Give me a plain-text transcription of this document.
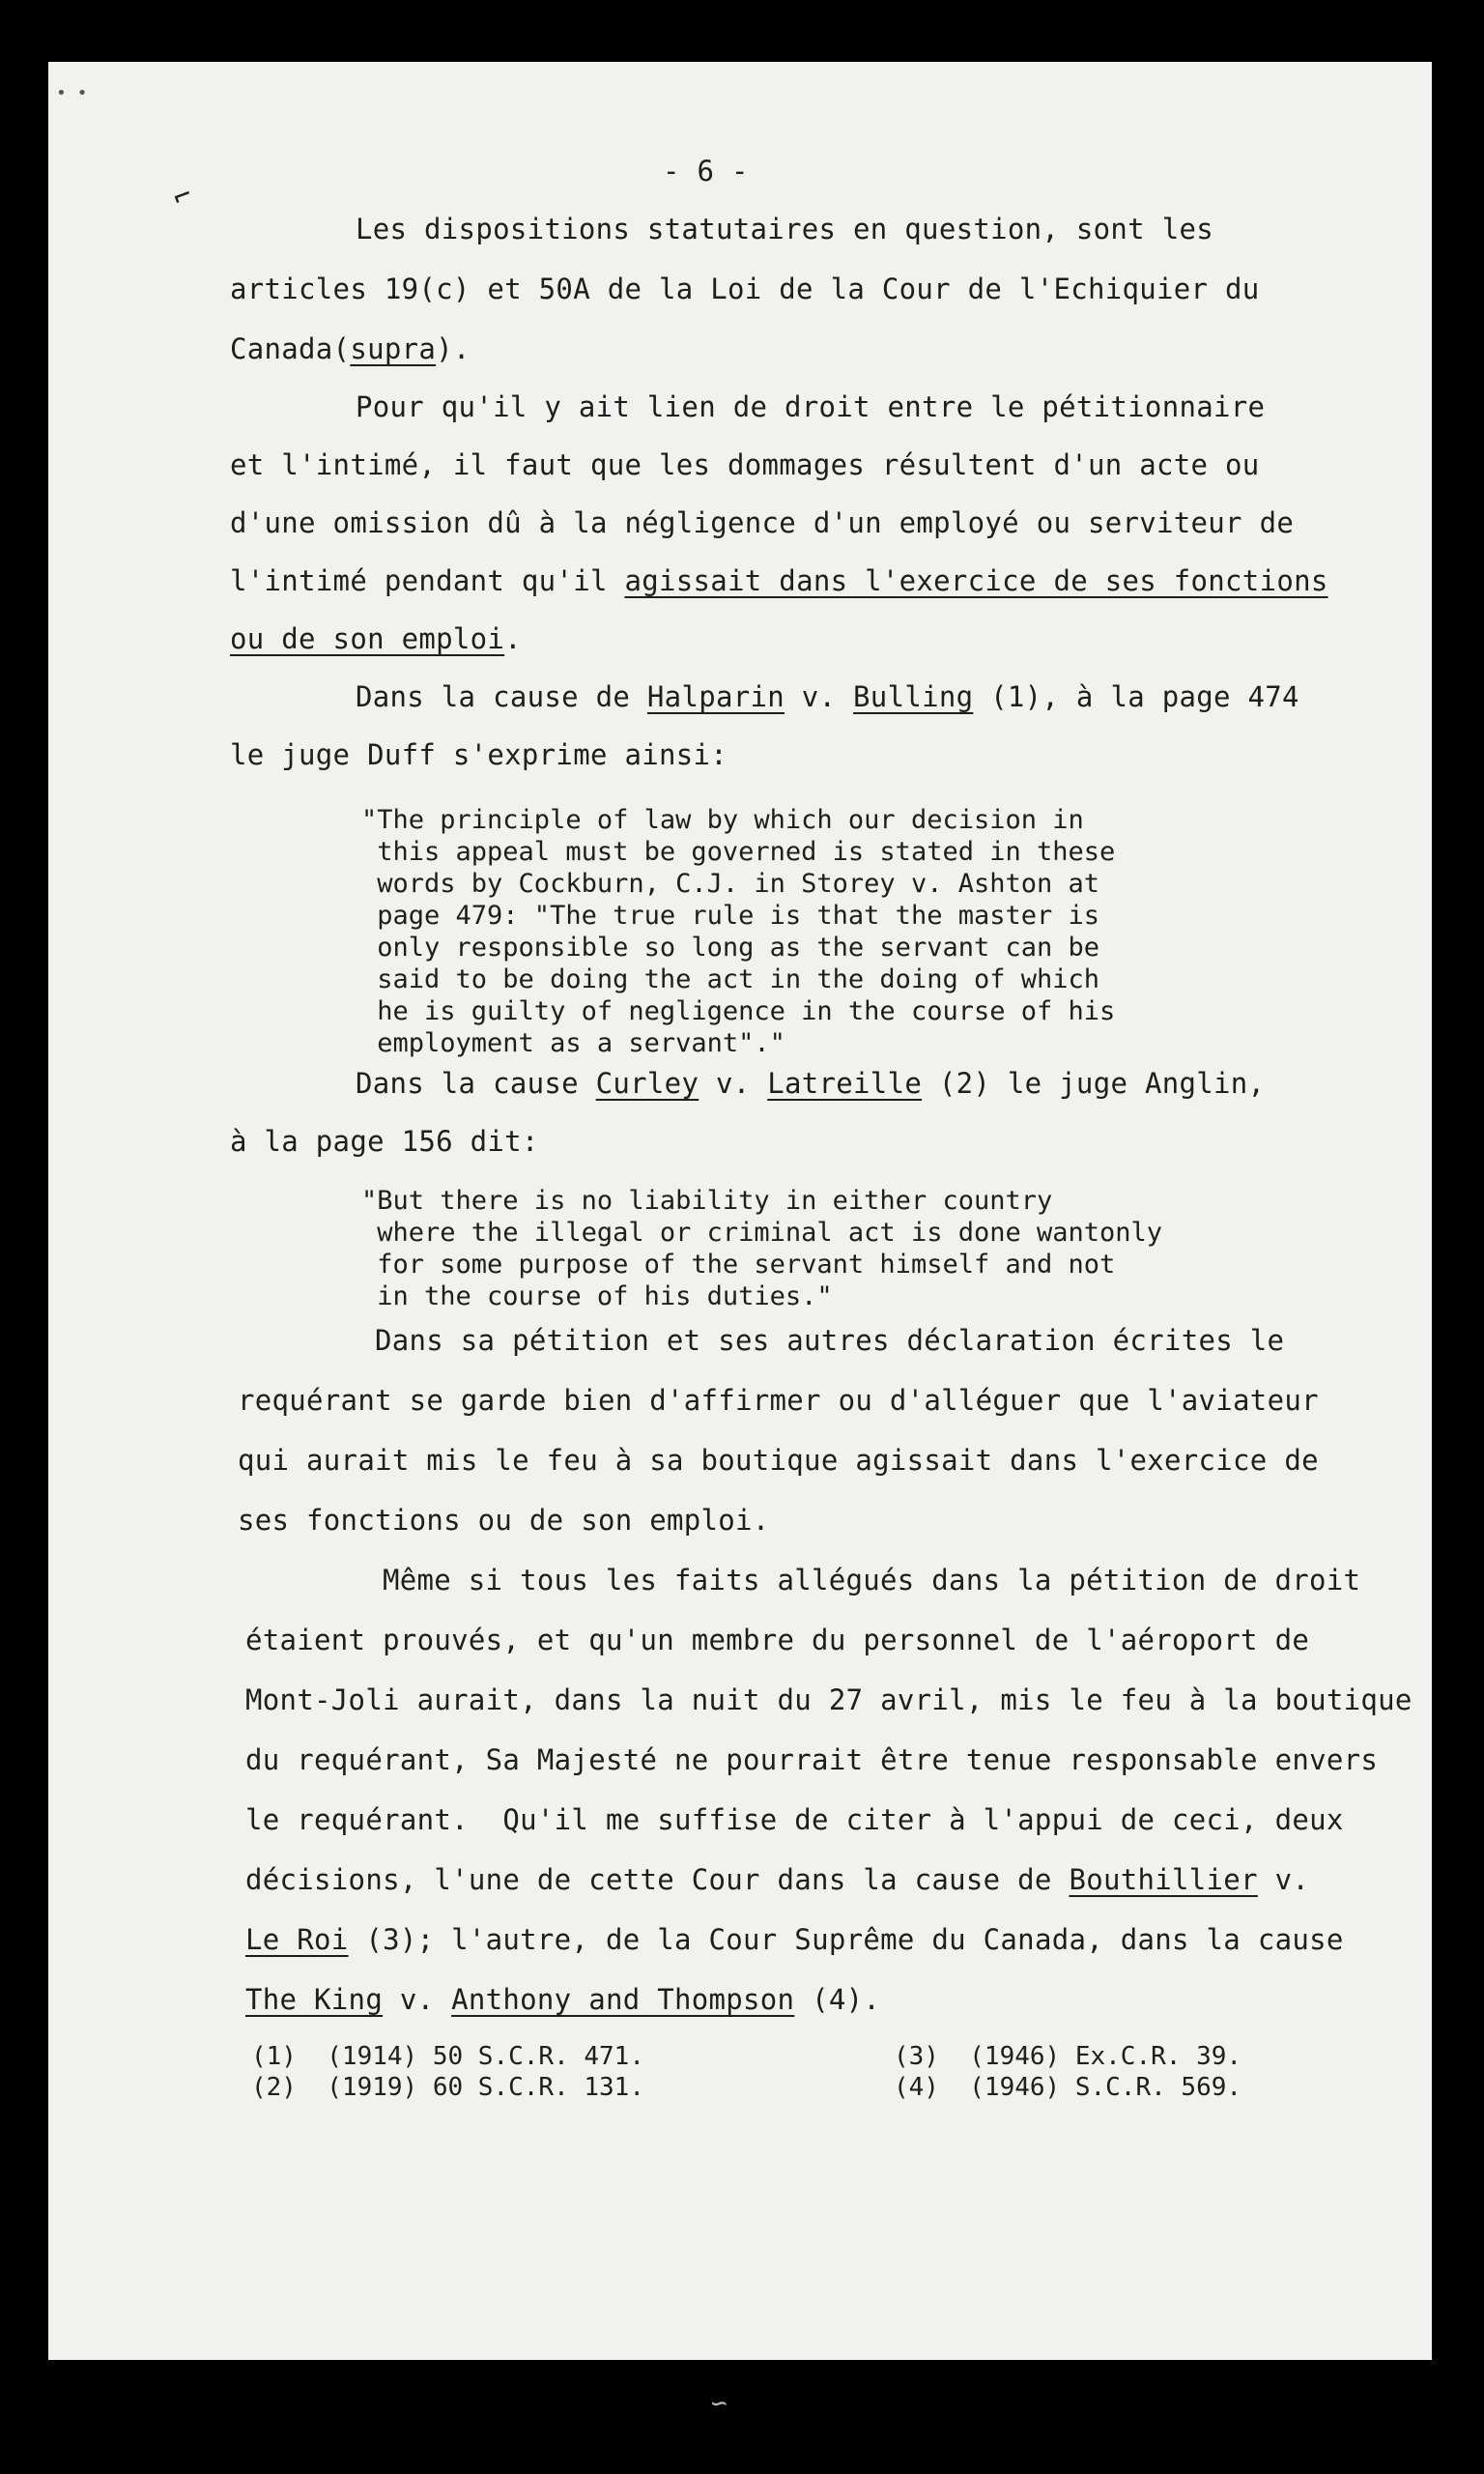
• •
⌐
- 6 -
Les dispositions statutaires en question, sont les
articles 19(c) et 50A de la Loi de la Cour de l'Echiquier du
Canada(supra).
Pour qu'il y ait lien de droit entre le pétitionnaire
et l'intimé, il faut que les dommages résultent d'un acte ou
d'une omission dû à la négligence d'un employé ou serviteur de
l'intimé pendant qu'il agissait dans l'exercice de ses fonctions
ou de son emploi.
Dans la cause de Halparin v. Bulling (1), à la page 474
le juge Duff s'exprime ainsi:
"The principle of law by which our decision in
this appeal must be governed is stated in these
words by Cockburn, C.J. in Storey v. Ashton at
page 479: "The true rule is that the master is
only responsible so long as the servant can be
said to be doing the act in the doing of which
he is guilty of negligence in the course of his
employment as a servant"."
Dans la cause Curley v. Latreille (2) le juge Anglin,
à la page 156 dit:
"But there is no liability in either country
where the illegal or criminal act is done wantonly
for some purpose of the servant himself and not
in the course of his duties."
Dans sa pétition et ses autres déclaration écrites le
requérant se garde bien d'affirmer ou d'alléguer que l'aviateur
qui aurait mis le feu à sa boutique agissait dans l'exercice de
ses fonctions ou de son emploi.
Même si tous les faits allégués dans la pétition de droit
étaient prouvés, et qu'un membre du personnel de l'aéroport de
Mont-Joli aurait, dans la nuit du 27 avril, mis le feu à la boutique
du requérant, Sa Majesté ne pourrait être tenue responsable envers
le requérant.  Qu'il me suffise de citer à l'appui de ceci, deux
décisions, l'une de cette Cour dans la cause de Bouthillier v.
Le Roi (3); l'autre, de la Cour Suprême du Canada, dans la cause
The King v. Anthony and Thompson (4).
(1)  (1914) 50 S.C.R. 471.
(2)  (1919) 60 S.C.R. 131.
(3)  (1946) Ex.C.R. 39.
(4)  (1946) S.C.R. 569.
∽
